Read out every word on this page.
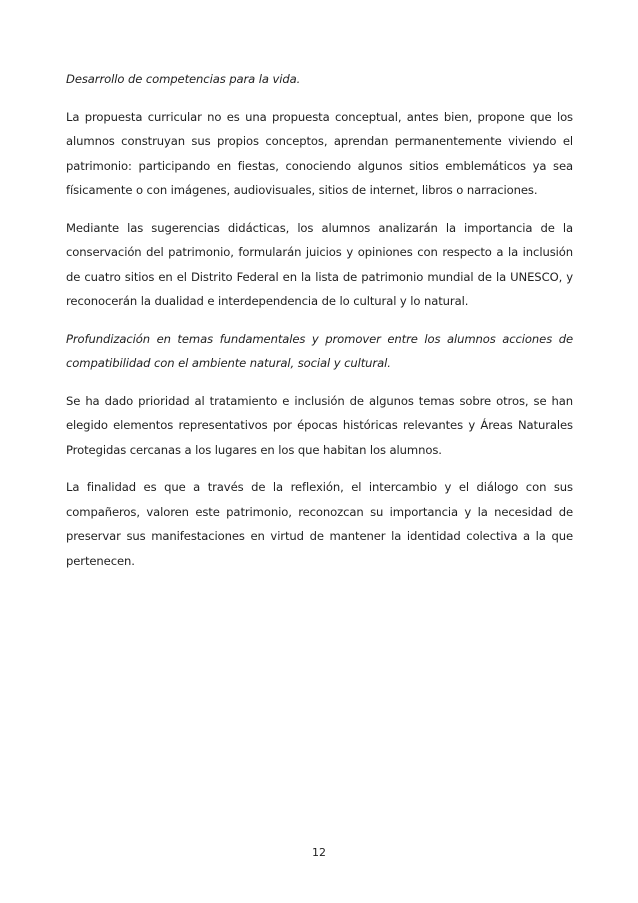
Desarrollo de competencias para la vida.

La propuesta curricular no es una propuesta conceptual, antes bien, propone que los alumnos construyan sus propios conceptos, aprendan permanentemente viviendo el patrimonio: participando en fiestas, conociendo algunos sitios emblemáticos ya sea físicamente o con imágenes, audiovisuales, sitios de internet, libros o narraciones.

Mediante las sugerencias didácticas, los alumnos analizarán la importancia de la conservación del patrimonio, formularán juicios y opiniones con respecto a la inclusión de cuatro sitios en el Distrito Federal en la lista de patrimonio mundial de la UNESCO, y reconocerán la dualidad e interdependencia de lo cultural y lo natural.

Profundización en temas fundamentales y promover entre los alumnos acciones de compatibilidad con el ambiente natural, social y cultural.

Se ha dado prioridad al tratamiento e inclusión de algunos temas sobre otros, se han elegido elementos representativos por épocas históricas relevantes y Áreas Naturales Protegidas cercanas a los lugares en los que habitan los alumnos.

La finalidad es que a través de la reflexión, el intercambio y el diálogo con sus compañeros, valoren este patrimonio, reconozcan su importancia y la necesidad de preservar sus manifestaciones en virtud de mantener la identidad colectiva a la que pertenecen.

12
